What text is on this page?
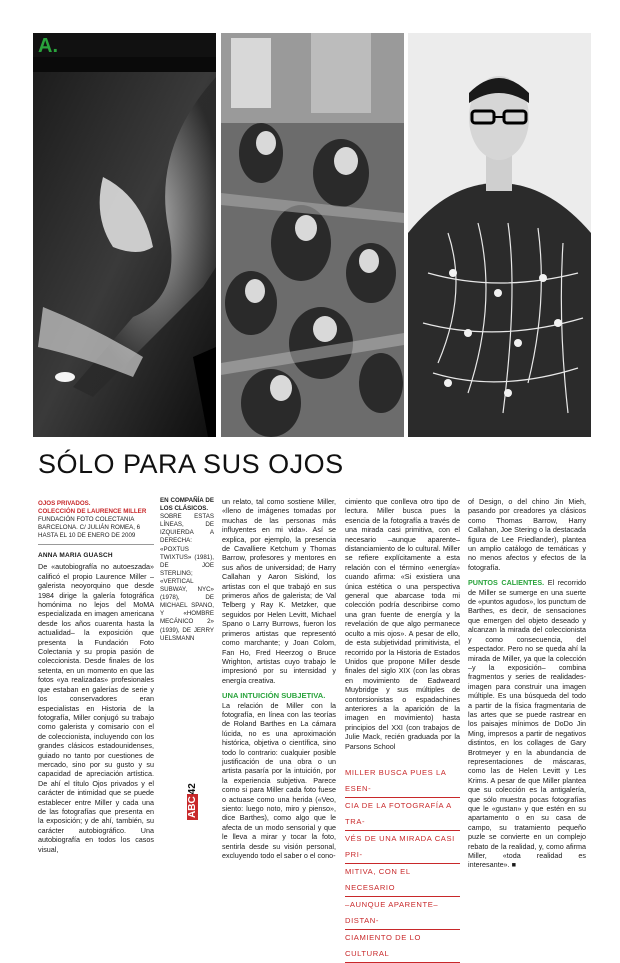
A.
SÓLO PARA SUS OJOS
OJOS PRIVADOS.
COLECCIÓN DE LAURENCE MILLER
FUNDACIÓN FOTO COLECTANIA
BARCELONA. C/ JULIÁN ROMEA, 6
HASTA EL 10 DE ENERO DE 2009
ANNA MARIA GUASCH

De «autobiografía no autoeszada» calificó el propio Laurence Miller –galerista neoyorquino que desde 1984 dirige la galería fotográfica homónima no lejos del MoMA especializada en imagen americana desde los años cuarenta hasta la actualidad– la exposición que presenta la Fundación Foto Colectania y su propia pasión de coleccionista. Desde finales de los setenta, en un momento en que las fotos «ya realizadas» profesionales que estaban en galerías de serie y los conservadores eran especialistas en Historia de la fotografía, Miller conjugó su trabajo como galerista y comisario con el de coleccionista, incluyendo con los grandes clásicos estadounidenses, guiado no tanto por cuestiones de mercado, sino por su gusto y su capacidad de apreciación artística. De ahí el título Ojos privados y el carácter de intimidad que se puede establecer entre Miller y cada una de las fotografías que presenta en la exposición; y de ahí, también, su carácter autobiográfico. Una autobiografía en todos los casos visual,

EN COMPAÑÍA DE LOS CLÁSICOS.
SOBRE ESTAS LÍNEAS, DE IZQUIERDA A DERECHA: «POXTUS TWIXTUS» (1981), DE JOE STERLING; «VERTICAL SUBWAY, NYC» (1978), DE MICHAEL SPANO, Y «HOMBRE MECÁNICO 2» (1939), DE JERRY UELSMANN
ABC42

un relato, tal como sostiene Miller, «lleno de imágenes tomadas por muchas de las personas más influyentes en mi vida». Así se explica, por ejemplo, la presencia de Cavalliere Ketchum y Thomas Barrow, profesores y mentores en sus años de universidad; de Harry Callahan y Aaron Siskind, los artistas con el que trabajó en sus primeros años de galerista; de Val Telberg y Ray K. Metzker, que seguidos por Helen Levitt, Michael Spano o Larry Burrows, fueron los primeros artistas que representó como marchante; y Joan Colom, Fan Ho, Fred Heerzog o Bruce Wrighton, artistas cuyo trabajo le impresionó por su intensidad y energía creativa.

UNA INTUICIÓN SUBJETIVA.
La relación de Miller con la fotografía, en línea con las teorías de Roland Barthes en La cámara lúcida, no es una aproximación histórica, objetiva o científica, sino todo lo contrario: cualquier posible justificación de una obra o un artista pasaría por la intuición, por la experiencia subjetiva. Parece como si para Miller cada foto fuese o actuase como una herida («Veo, siento: luego noto, miro y pienso», dice Barthes), como algo que le afecta de un modo sensorial y que le lleva a mirar y tocar la foto, sentirla desde su visión personal, excluyendo todo el saber o el cono-

cimiento que conlleva otro tipo de lectura. Miller busca pues la esencia de la fotografía a través de una mirada casi primitiva, con el necesario –aunque aparente– distanciamiento de lo cultural. Miller se refiere explícitamente a esta relación con el término «energía» cuando afirma: «Si existiera una única estética o una perspectiva general que abarcase toda mi colección podría describirse como una gran fuente de energía y la revelación de que algo permanece oculto a mis ojos». A pesar de ello, de esta subjetividad primitivista, el recorrido por la Historia de Estados Unidos que propone Miller desde finales del siglo XIX (con las obras en movimiento de Eadweard Muybridge y sus múltiples de contorsionistas o espadachines anteriores a la aparición de la imagen en movimiento) hasta principios del XXI (con trabajos de Julie Mack, recién graduada por la Parsons School

MILLER BUSCA PUES LA ESEN-
CIA DE LA FOTOGRAFÍA A TRA-
VÉS DE UNA MIRADA CASI PRI-
MITIVA, CON EL NECESARIO
–AUNQUE APARENTE– DISTAN-
CIAMIENTO DE LO CULTURAL

of Design, o del chino Jin Mieh, pasando por creadores ya clásicos como Thomas Barrow, Harry Callahan, Joe Stering o la destacada figura de Lee Friedlander), plantea un amplio catálogo de temáticas y no menos afectos y efectos de la fotografía.

PUNTOS CALIENTES. El recorrido de Miller se sumerge en una suerte de «puntos agudos», los punctum de Barthes, es decir, de sensaciones que emergen del objeto deseado y alcanzan la mirada del coleccionista y como consecuencia, del espectador. Pero no se queda ahí la mirada de Miller, ya que la colección –y la exposición– combina fragmentos y series de realidades-imagen para construir una imagen múltiple. Es una búsqueda del todo a partir de la física fragmentaria de las artes que se puede rastrear en los paisajes mínimos de DoDo Jin Ming, impresos a partir de negativos distintos, en los collages de Gary Brotmeyer y en la abundancia de representaciones de máscaras, como las de Helen Levitt y Les Krims. A pesar de que Miller plantea que su colección es la antigalería, que sólo muestra pocas fotografías que le «gustan» y que estén en su apartamento o en su casa de campo, su tratamiento pequeño puzle se convierte en un complejo rebato de la realidad, y, como afirma Miller, «toda realidad es interesante». ■
